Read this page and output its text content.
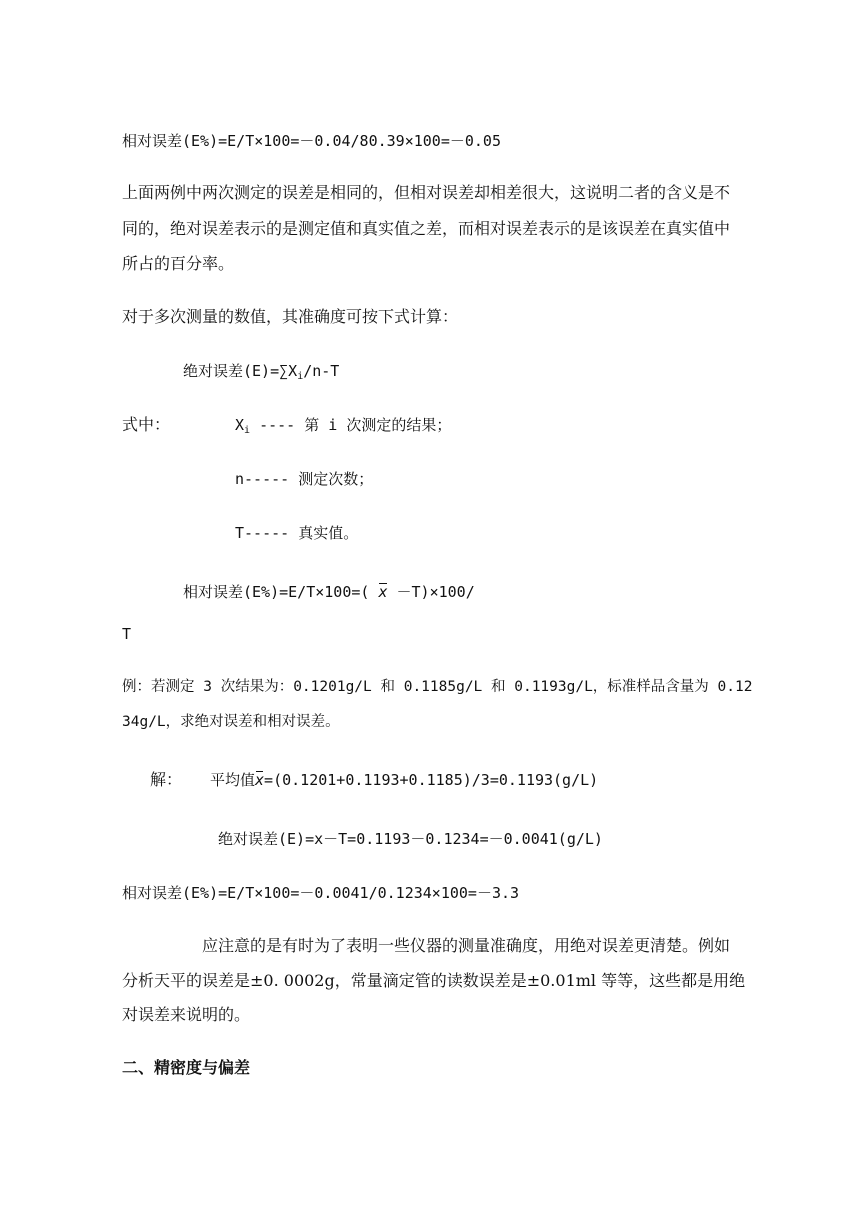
相对误差(E%)=E/T×100=－0.04/80.39×100=－0.05
上面两例中两次测定的误差是相同的，但相对误差却相差很大，这说明二者的含义是不
同的，绝对误差表示的是测定值和真实值之差，而相对误差表示的是该误差在真实值中
所占的百分率。
对于多次测量的数值，其准确度可按下式计算：
绝对误差$(E)=\sum X_i/n-T$
式中：	$X_i$ ---- 第 i 次测定的结果；
n----- 测定次数；
T----- 真实值。
相对误差(E%)=E/T×100=( x －T)×100/
T
例：若测定 3 次结果为：0.1201g/L 和 0.1185g/L 和 0.1193g/L，标准样品含量为 0.12
34g/L，求绝对误差和相对误差。
解： 平均值x=(0.1201+0.1193+0.1185)/3=0.1193(g/L)
绝对误差(E)=x－T=0.1193－0.1234=－0.0041(g/L)
相对误差(E%)=E/T×100=－0.0041/0.1234×100=－3.3
应注意的是有时为了表明一些仪器的测量准确度，用绝对误差更清楚。例如
分析天平的误差是±0. 0002g，常量滴定管的读数误差是±0.01ml 等等，这些都是用绝
对误差来说明的。
二、精密度与偏差
